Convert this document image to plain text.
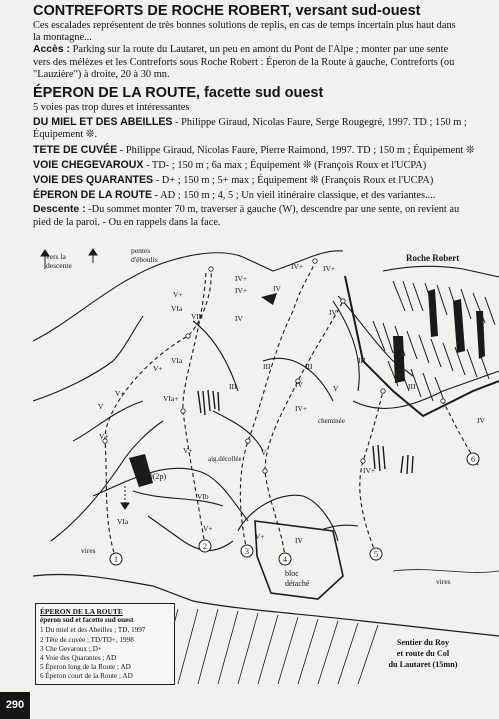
CONTREFORTS DE ROCHE ROBERT, versant sud-ouest

Ces escalades représentent de très bonnes solutions de replis, en cas de temps incertain plus haut dans

la montagne...

Accès : Parking sur la route du Lautaret, un peu en amont du Pont de l'Alpe ; monter par une sente

vers des mélèzes et les Contreforts sous Roche Robert : Éperon de la Route à gauche, Contreforts (ou

"Lauzière") à droite, 20 à 30 mn.

ÉPERON DE LA ROUTE, facette sud ouest

5 voies pas trop dures et intéressantes

DU MIEL ET DES ABEILLES - Philippe Giraud, Nicolas Faure, Serge Rougegré, 1997. TD ; 150 m ;

Équipement ❊.

TETE DE CUVÉE - Philippe Giraud, Nicolas Faure, Pierre Raimond, 1997. TD ; 150 m ; Équipement ❊

VOIE CHEGEVAROUX - TD- ; 150 m ; 6a max ; Équipement ❊ (François Roux et l'UCPA)

VOIE DES QUARANTES - D+ ; 150 m ; 5+ max ; Équipement ❊ (François Roux et l'UCPA)

ÉPERON DE LA ROUTE - AD ; 150 m ; 4, 5 ; Un vieil itinéraire classique, et des variantes....

Descente : -Du sommet monter 70 m, traverser à gauche (W), descendre par une sente, on revient au

pied de la paroi. - Ou en rappels dans la face.

1
2
3
4
5
6
vers la
descente
pentes
d'éboulis	Roche Robert
aig.décollée
cheminée
A0(2p)
bloc
détaché
vires
vires
V+
VIa
VIb
VIa
V+
V+
VIa+
V
V+
VIa
VIb
V+
IV+
IV+
IV
IV
III
III
IV+
III
IV
IV+
IV+
IV
V
III
IV+
V+	IV
V
V+
III
IV
ÉPERON DE LA ROUTE
éperon sud et facette sud ouest
1 Du miel et des Abeilles ; TD, 1997
2 Tête de cuvée ; TD/TD+, 1998
3 Che Gevaroux ; D+
4 Voie des Quarantes ; AD
5 Éperon long de la Route ; AD
6 Éperon court de la Route ; AD
Sentier du Roy
et route du Col
du Lautaret (15mn)
290
